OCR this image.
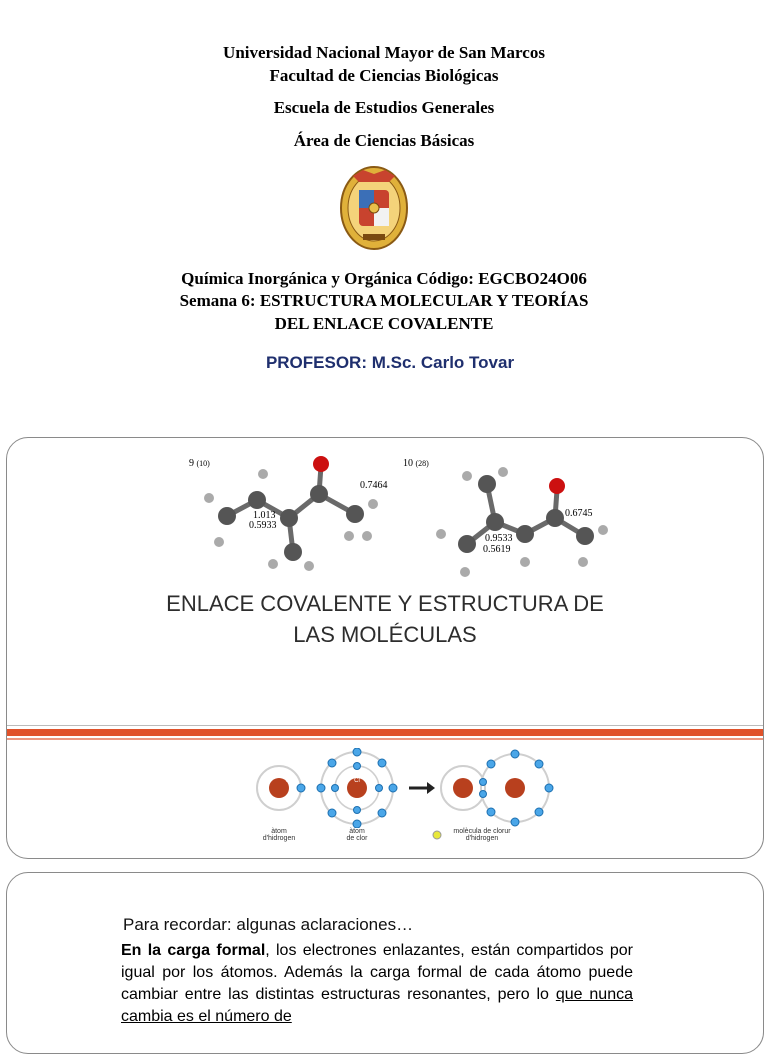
Universidad Nacional Mayor de San Marcos
Facultad de Ciencias Biológicas
Escuela de Estudios Generales
Área de Ciencias Básicas
Química Inorgánica y Orgánica Código: EGCBO24O06
Semana 6: ESTRUCTURA MOLECULAR Y TEORÍAS
DEL ENLACE COVALENTE
PROFESOR: M.Sc. Carlo Tovar
9 (10)
0.7464
1.013
0.5933
10 (28)
0.6745
0.9533
0.5619
ENLACE COVALENTE Y ESTRUCTURA DE
LAS MOLÉCULAS
H	Cl
àtom
d'hidrogen
àtom
de clor
molècula de clorur
d'hidrogen
Para recordar: algunas aclaraciones…
En la carga formal, los electrones enlazantes, están compartidos por igual por los átomos. Además la carga formal de cada átomo puede cambiar entre las distintas estructuras resonantes, pero lo que nunca cambia es el número de
